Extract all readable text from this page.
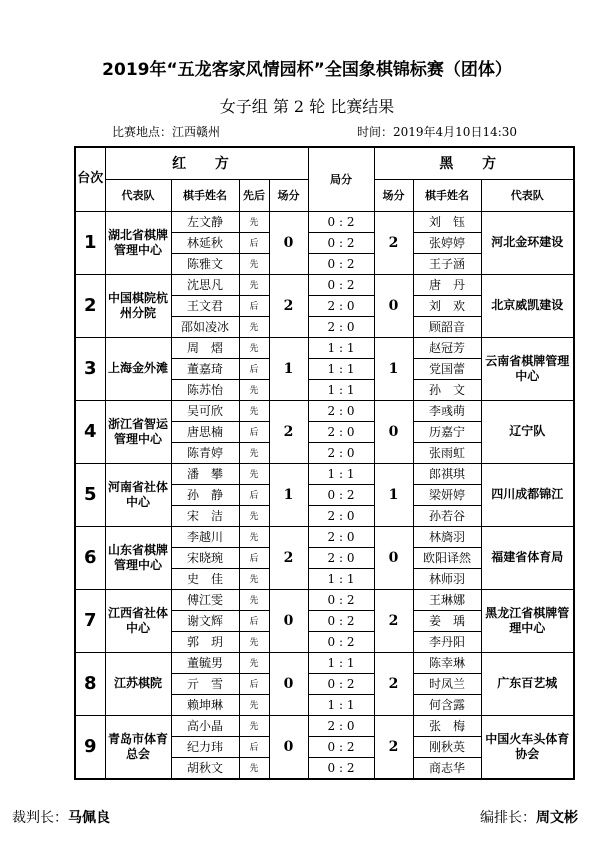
2019年“五龙客家风情园杯”全国象棋锦标赛（团体）
女子组 第 2 轮 比赛结果
比赛地点：江西赣州	时间：2019年4月10日14:30
台次	红 方				局分	黑 方		
	代表队	棋手姓名	先后	场分		场分	棋手姓名	代表队
1	湖北省棋牌管理中心	左文静	先	0	0 : 2	2	刘　钰	河北金环建设
		林延秋	后		0 : 2		张婷婷	
		陈雅文	先		0 : 2		王子涵	
2	中国棋院杭州分院	沈思凡	先	2	0 : 2	0	唐　丹	北京威凯建设
		王文君	后		2 : 0		刘　欢	
		邵如凌冰	先		2 : 0		顾韶音	
3	上海金外滩	周　熠	先	1	1 : 1	1	赵冠芳	云南省棋牌管理中心
		董嘉琦	后		1 : 1		党国蕾	
		陈苏怡	先		1 : 1		孙　文	
4	浙江省智运管理中心	吴可欣	先	2	2 : 0	0	李彧萌	辽宁队
		唐思楠	后		2 : 0		历嘉宁	
		陈青婷	先		2 : 0		张雨虹	
5	河南省社体中心	潘　攀	先	1	1 : 1	1	郎祺琪	四川成都锦江
		孙　静	后		0 : 2		梁妍婷	
		宋　洁	先		2 : 0		孙若谷	
6	山东省棋牌管理中心	李越川	先	2	2 : 0	0	林旖羽	福建省体育局
		宋晓琬	后		2 : 0		欧阳译然	
		史　佳	先		1 : 1		林师羽	
7	江西省社体中心	傅江雯	先	0	0 : 2	2	王琳娜	黑龙江省棋牌管理中心
		谢文辉	后		0 : 2		姜　瑀	
		郭　玥	先		0 : 2		李丹阳	
8	江苏棋院	董毓男	先	0	1 : 1	2	陈幸琳	广东百艺城
		亓　雪	后		0 : 2		时凤兰	
		赖坤琳	先		1 : 1		何含露	
9	青岛市体育总会	高小晶	先	0	2 : 0	2	张　梅	中国火车头体育协会
		纪力玮	后		0 : 2		刚秋英	
		胡秋文	先		0 : 2		商志华	
裁判长：马佩良	编排长：周文彬
